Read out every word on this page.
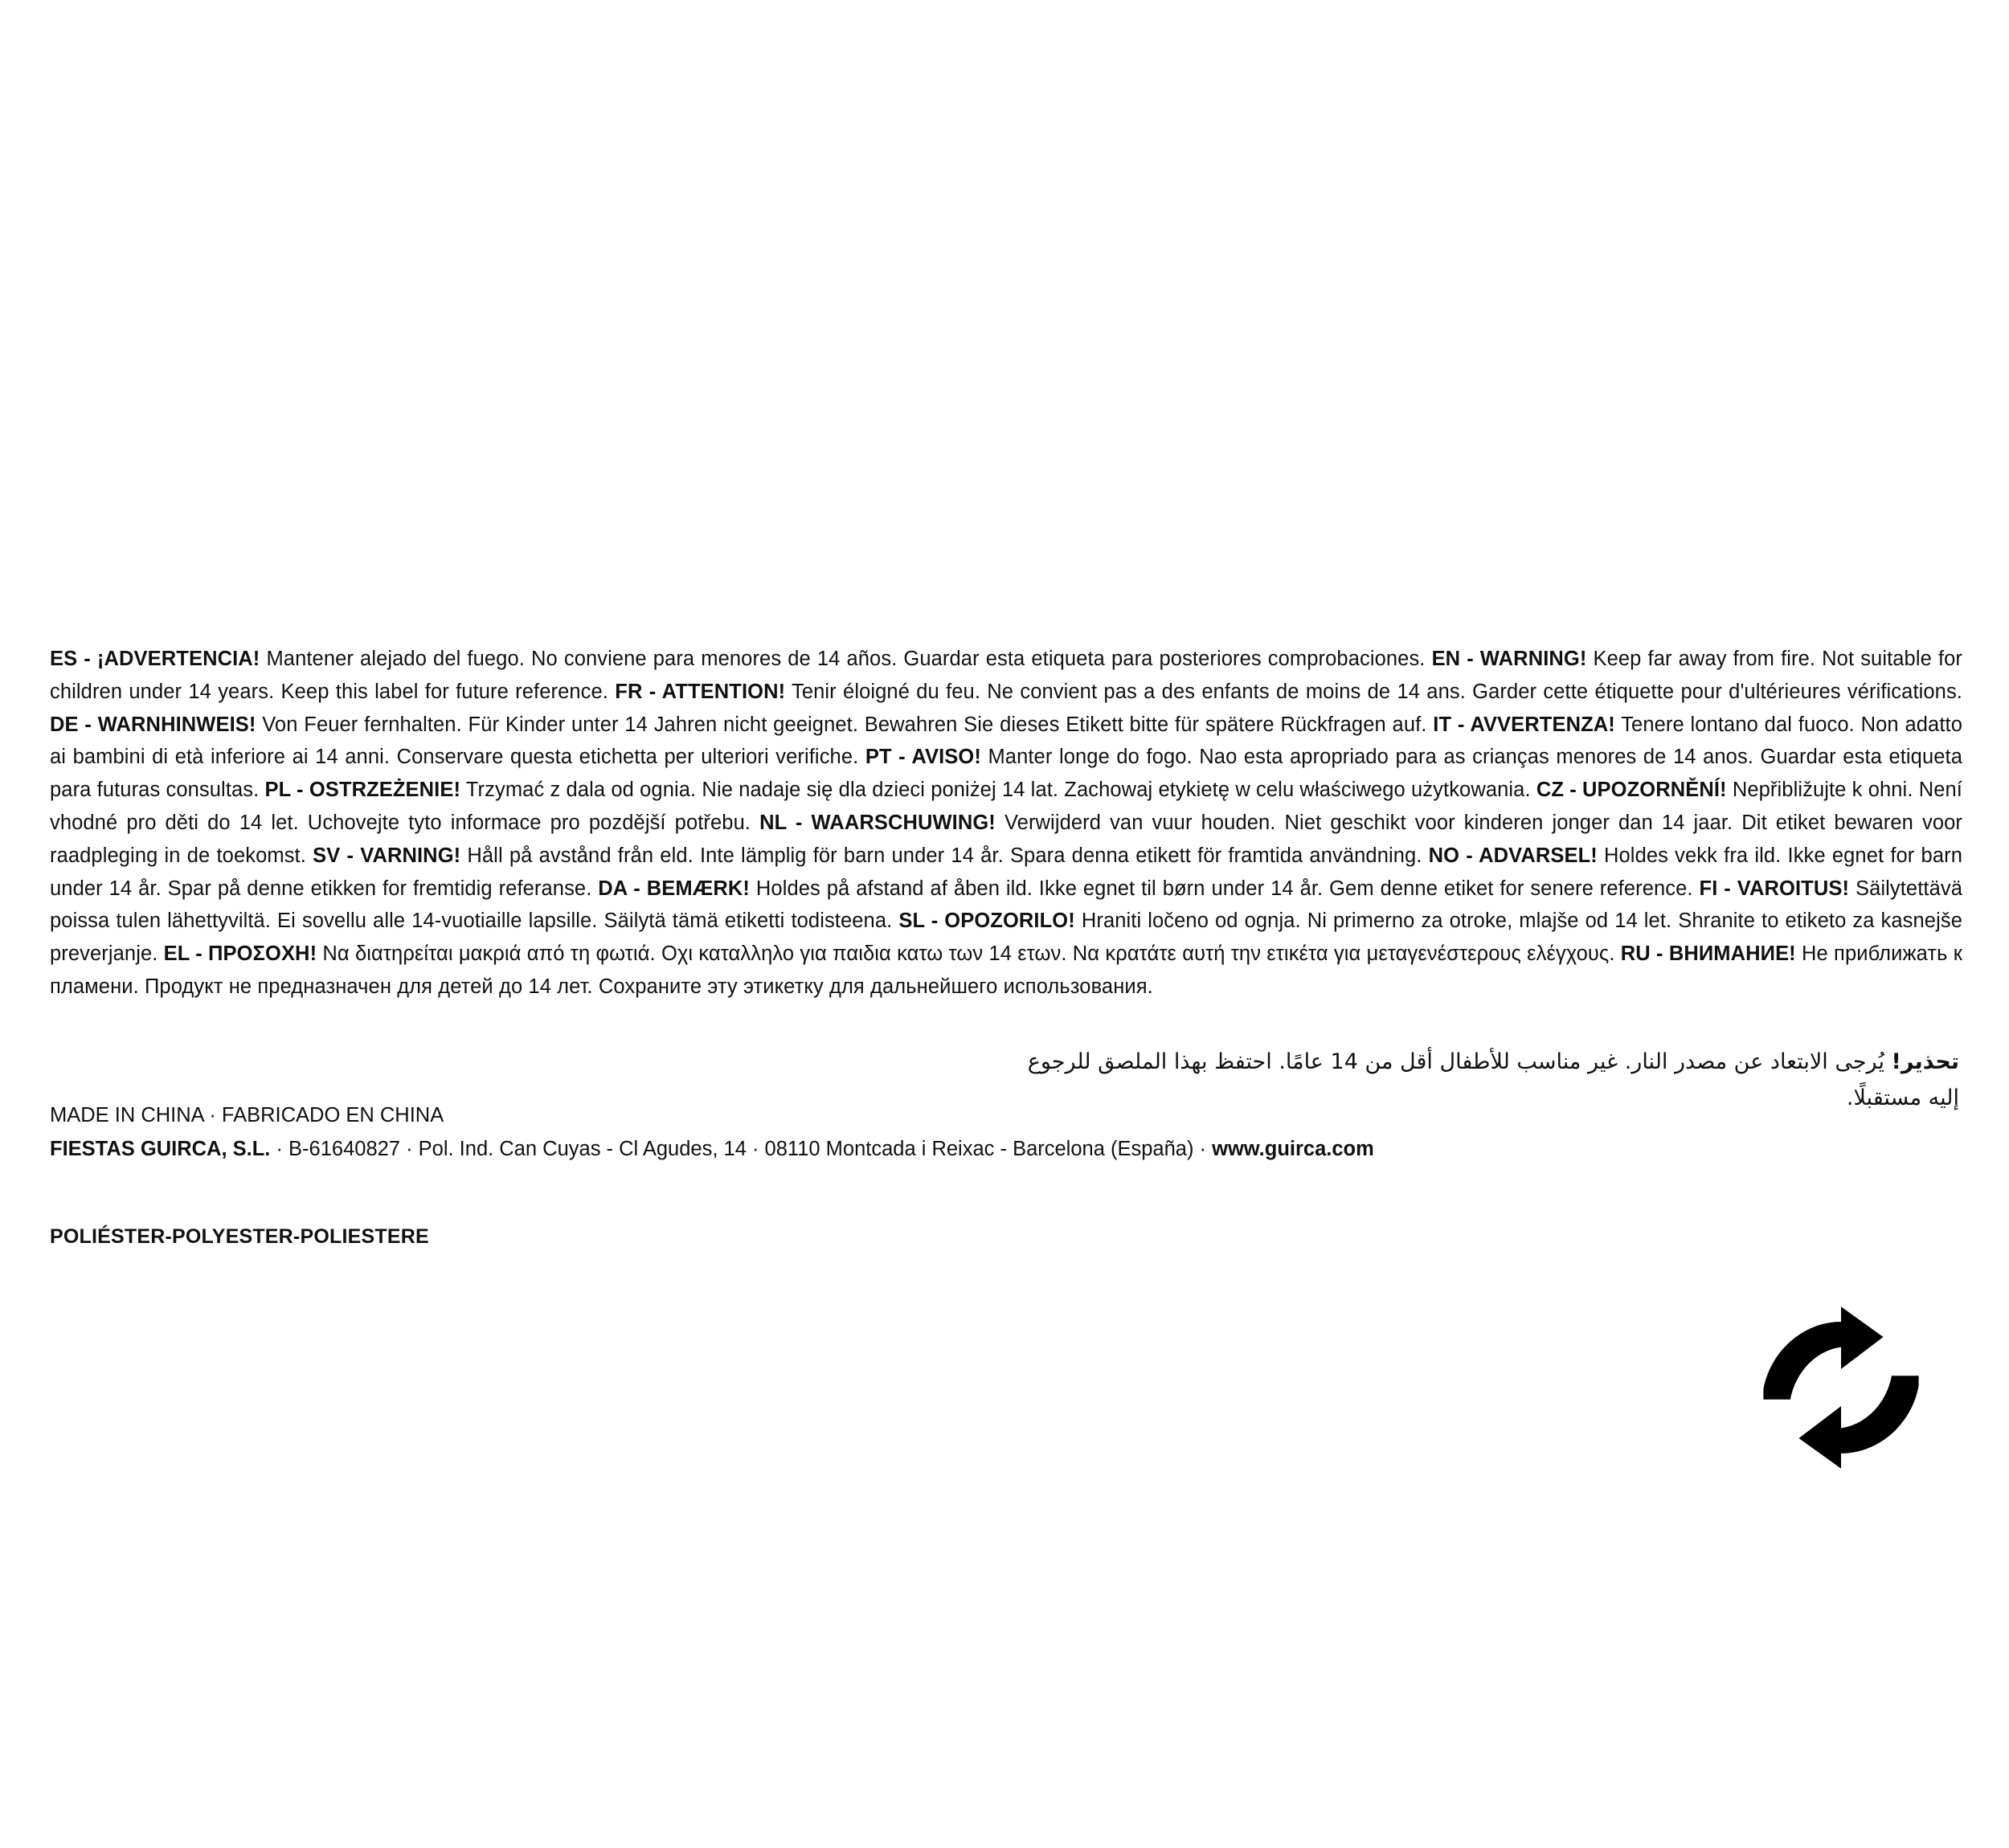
ES - ¡ADVERTENCIA! Mantener alejado del fuego. No conviene para menores de 14 años. Guardar esta etiqueta para posteriores comprobaciones. EN - WARNING! Keep far away from fire. Not suitable for children under 14 years. Keep this label for future reference. FR - ATTENTION! Tenir éloigné du feu. Ne convient pas a des enfants de moins de 14 ans. Garder cette étiquette pour d'ultérieures vérifications. DE - WARNHINWEIS! Von Feuer fernhalten. Für Kinder unter 14 Jahren nicht geeignet. Bewahren Sie dieses Etikett bitte für spätere Rückfragen auf. IT - AVVERTENZA! Tenere lontano dal fuoco. Non adatto ai bambini di età inferiore ai 14 anni. Conservare questa etichetta per ulteriori verifiche. PT - AVISO! Manter longe do fogo. Nao esta apropriado para as crianças menores de 14 anos. Guardar esta etiqueta para futuras consultas. PL - OSTRZEŻENIE! Trzymać z dala od ognia. Nie nadaje się dla dzieci poniżej 14 lat. Zachowaj etykietę w celu właściwego użytkowania. CZ - UPOZORNĚNÍ! Nepřibližujte k ohni. Není vhodné pro děti do 14 let. Uchovejte tyto informace pro pozdější potřebu. NL - WAARSCHUWING! Verwijderd van vuur houden. Niet geschikt voor kinderen jonger dan 14 jaar. Dit etiket bewaren voor raadpleging in de toekomst. SV - VARNING! Håll på avstånd från eld. Inte lämplig för barn under 14 år. Spara denna etikett för framtida användning. NO - ADVARSEL! Holdes vekk fra ild. Ikke egnet for barn under 14 år. Spar på denne etikken for fremtidig referanse. DA - BEMÆRK! Holdes på afstand af åben ild. Ikke egnet til børn under 14 år. Gem denne etiket for senere reference. FI - VAROITUS! Säilytettävä poissa tulen lähettyviltä. Ei sovellu alle 14-vuotiaille lapsille. Säilytä tämä etiketti todisteena. SL - OPOZORILO! Hraniti ločeno od ognja. Ni primerno za otroke, mlajše od 14 let. Shranite to etiketo za kasnejše preverjanje. EL - ΠΡΟΣΟΧΗ! Να διατηρείται μακριά από τη φωτιά. Οχι καταλληλο για παιδια κατω των 14 ετων. Να κρατάτε αυτή την ετικέτα για μεταγενέστερους ελέγχους. RU - ВНИМАНИЕ! Не приближать к пламени. Продукт не предназначен для детей до 14 лет. Сохраните эту этикетку для дальнейшего использования.
تحذير! يُرجى الابتعاد عن مصدر النار. غير مناسب للأطفال أقل من 14 عامًا. احتفظ بهذا الملصق للرجوع إليه مستقبلًا.
MADE IN CHINA · FABRICADO EN CHINA
FIESTAS GUIRCA, S.L. · B-61640827 · Pol. Ind. Can Cuyas - Cl Agudes, 14 · 08110 Montcada i Reixac - Barcelona (España) · www.guirca.com
POLIÉSTER-POLYESTER-POLIESTERE
